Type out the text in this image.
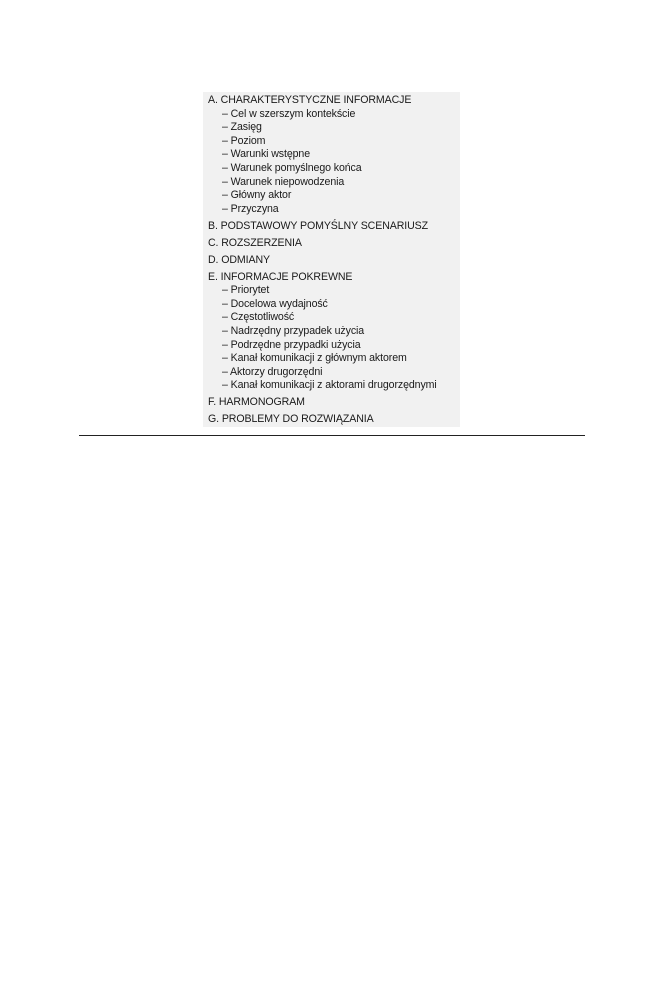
A. CHARAKTERYSTYCZNE INFORMACJE
– Cel w szerszym kontekście
– Zasięg
– Poziom
– Warunki wstępne
– Warunek pomyślnego końca
– Warunek niepowodzenia
– Główny aktor
– Przyczyna
B. PODSTAWOWY POMYŚLNY SCENARIUSZ
C. ROZSZERZENIA
D. ODMIANY
E. INFORMACJE POKREWNE
– Priorytet
– Docelowa wydajność
– Częstotliwość
– Nadrzędny przypadek użycia
– Podrzędne przypadki użycia
– Kanał komunikacji z głównym aktorem
– Aktorzy drugorzędni
– Kanał komunikacji z aktorami drugorzędnymi
F. HARMONOGRAM
G. PROBLEMY DO ROZWIĄZANIA
